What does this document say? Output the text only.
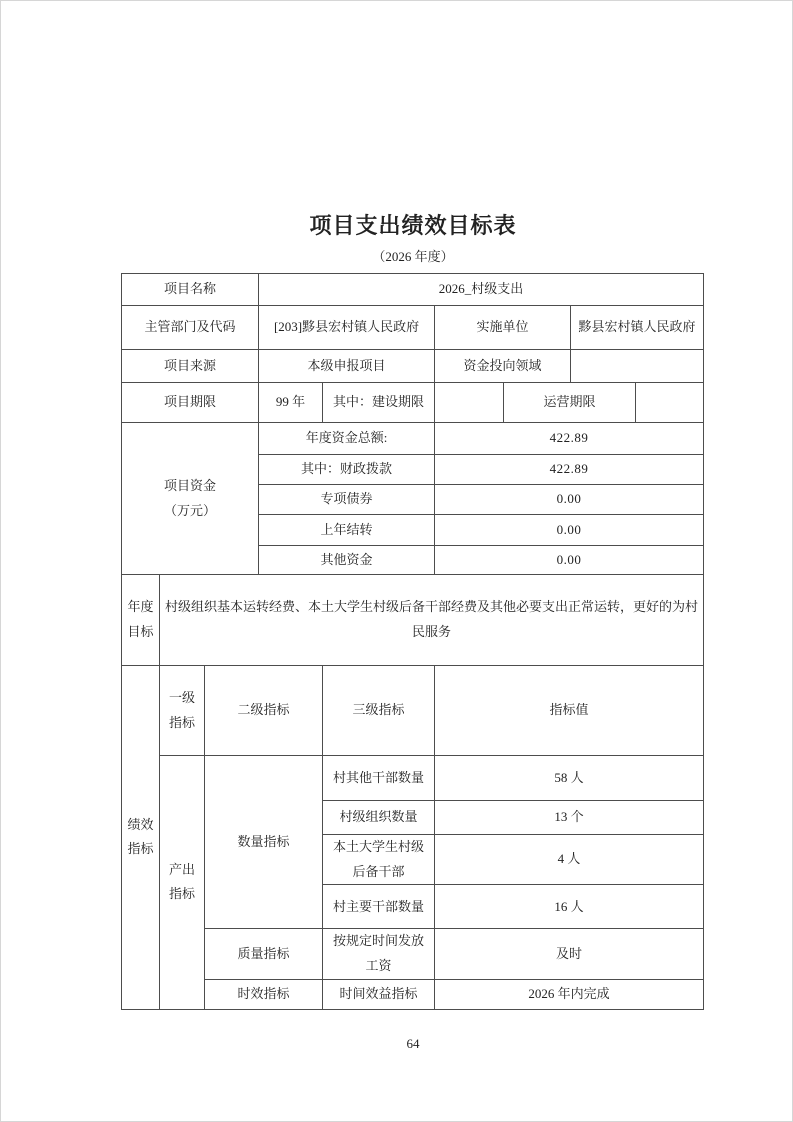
项目支出绩效目标表
（2026 年度）
项目名称			2026_村级支出					
主管部门及代码			[203]黟县宏村镇人民政府		实施单位		黟县宏村镇人民政府	
项目来源			本级申报项目		资金投向领域			
项目期限			99 年	其中：建设期限		运营期限		

项目资金
（万元）			年度资金总额:		422.89			
			其中：财政拨款		422.89			
			专项债券		0.00			
			上年结转		0.00			
			其他资金		0.00			
年度目标	村级组织基本运转经费、本土大学生村级后备干部经费及其他必要支出正常运转，更好的为村民服务							
绩效指标	一级指标	二级指标		三级指标	指标值			
	产出指标	数量指标		村其他干部数量	58 人			
				村级组织数量	13 个			
				本土大学生村级后备干部	4 人			
				村主要干部数量	16 人			
		质量指标		按规定时间发放工资	及时			
		时效指标		时间效益指标	2026 年内完成			
64
